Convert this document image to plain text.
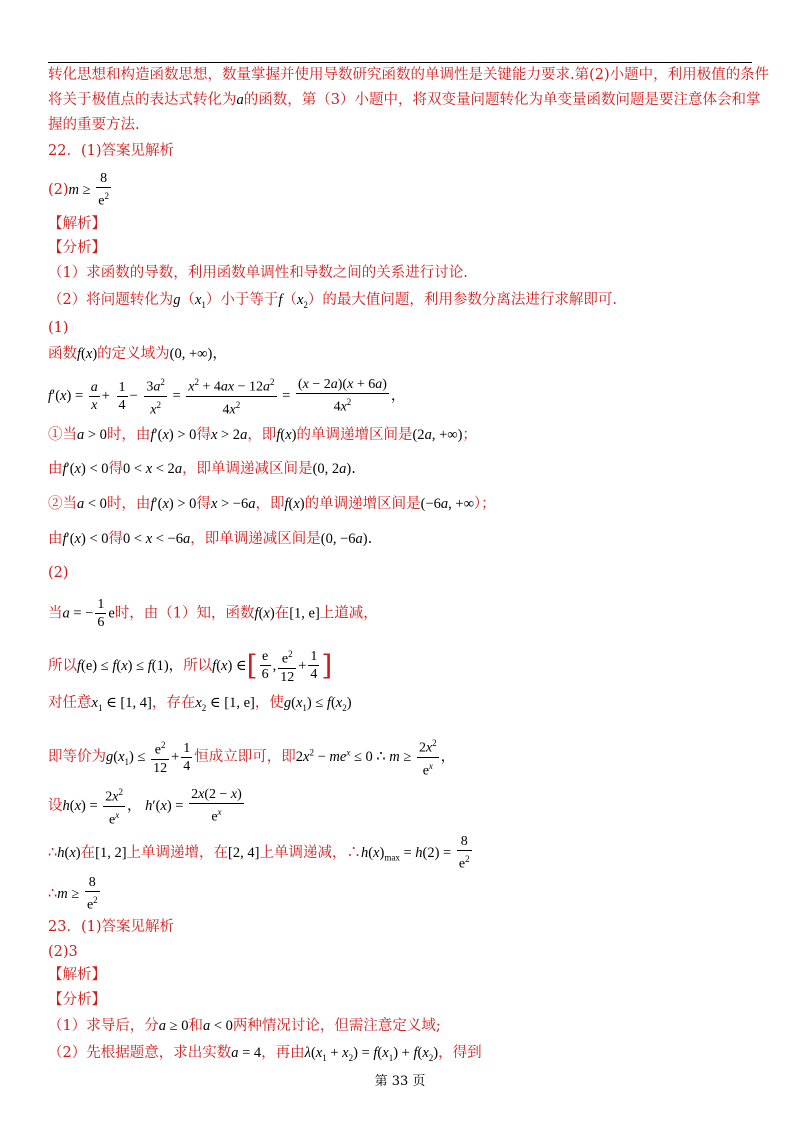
转化思想和构造函数思想，数量掌握并使用导数研究函数的单调性是关键能力要求.第(2)小题中，利用极值的条件
将关于极值点的表达式转化为a的函数，第（3）小题中，将双变量问题转化为单变量函数问题是要注意体会和掌
握的重要方法.
22．(1)答案见解析
$(2)m \ge \frac{8}{e^2}$
【解析】
【分析】
（1）求函数的导数，利用函数单调性和导数之间的关系进行讨论.
（2）将问题转化为$g(x_1)$小于等于$f(x_2)$的最大值问题，利用参数分离法进行求解即可.
(1)
函数f(x)的定义域为(0, +∞)，
$f'(x) = \frac{a}{x} + \frac{1}{4} - \frac{3a^2}{x^2} = \frac{x^2 + 4ax - 12a^2}{4x^2} = \frac{(x - 2a)(x + 6a)}{4x^2}$ ，
①当a > 0时，由f′(x) > 0得x > 2a，即f(x)的单调递增区间是(2a, +∞)；
由f′(x) < 0得0 < x < 2a，即单调递减区间是(0, 2a).
②当a < 0时，由f′(x) > 0得x > −6a，即f(x)的单调递增区间是(−6a, +∞）；
由f′(x) < 0得0 < x < −6a，即单调递减区间是(0, −6a).
(2)
当a = − $\frac{1}{6}$ e时，由（1）知，函数f(x)在[1, e]上道减，
所以f(e) ≤ f(x) ≤ f(1)，所以f(x) ∈[ $\frac{e}{6}$ , $\frac{e^2}{12} + \frac{1}{4}$ ]
对任意$x_1$ ∈ [1, 4]，存在$x_2$ ∈ [1, e]，使$g(x_1) \le f(x_2)$
即等价为$g(x_1) \le \frac{e^2}{12} + \frac{1}{4}$ 恒成立即可，即$2x^2 - me^x \le 0$ ∴ $m \ge \frac{2x^2}{e^x}$ ，
设$h(x) = \frac{2x^2}{e^x}$ ， $h'(x) = \frac{2x(2 - x)}{e^x}$
∴h(x)在[1, 2]上单调递增，在[2, 4]上单调递减，$\therefore h(x)_{max} = h(2) = \frac{8}{e^2}$
∴m ≥ $\frac{8}{e^2}$
23．(1)答案见解析
(2)3
【解析】
【分析】
（1）求导后，分a ≥ 0和a < 0两种情况讨论，但需注意定义域;
（2）先根据题意，求出实数a = 4，再由$\lambda(x_1 + x_2) = f(x_1) + f(x_2)$，得到
第 33 页
